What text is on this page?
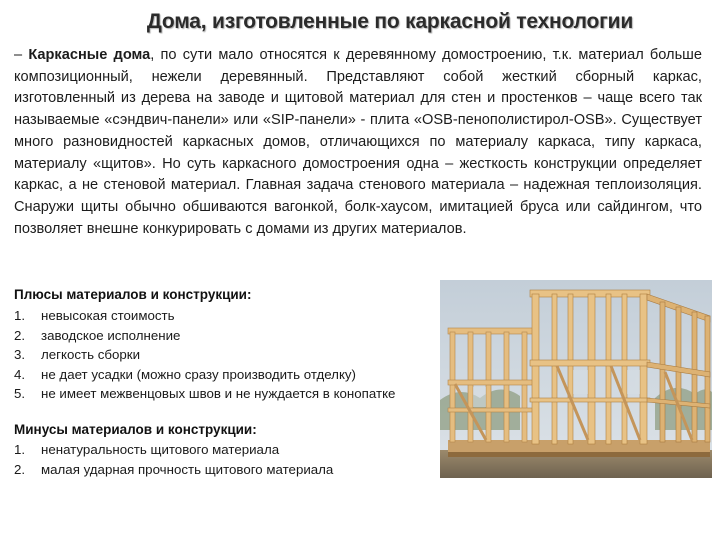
Дома, изготовленные по каркасной технологии
– Каркасные дома, по сути мало относятся к деревянному домостроению, т.к. материал больше композиционный, нежели деревянный. Представляют собой жесткий сборный каркас, изготовленный из дерева на заводе и щитовой материал для стен и простенков – чаще всего так называемые «сэндвич-панели» или «SIP-панели» - плита «OSB-пенополистирол-OSB». Существует много разновидностей каркасных домов, отличающихся по материалу каркаса, типу каркаса, материалу «щитов». Но суть каркасного домостроения одна – жесткость конструкции определяет каркас, а не стеновой материал. Главная задача стенового материала – надежная теплоизоляция. Снаружи щиты обычно обшиваются вагонкой, болк-хаусом, имитацией бруса или сайдингом, что позволяет внешне конкурировать с домами из других материалов.
Плюсы материалов и конструкции:
1.	невысокая стоимость
2.	заводское исполнение
3.	легкость сборки
4.	не дает усадки (можно сразу производить отделку)
5.	не имеет межвенцовых швов и не нуждается в конопатке
Минусы материалов и конструкции:
1.	ненатуральность щитового материала
2.	малая ударная прочность щитового материала
